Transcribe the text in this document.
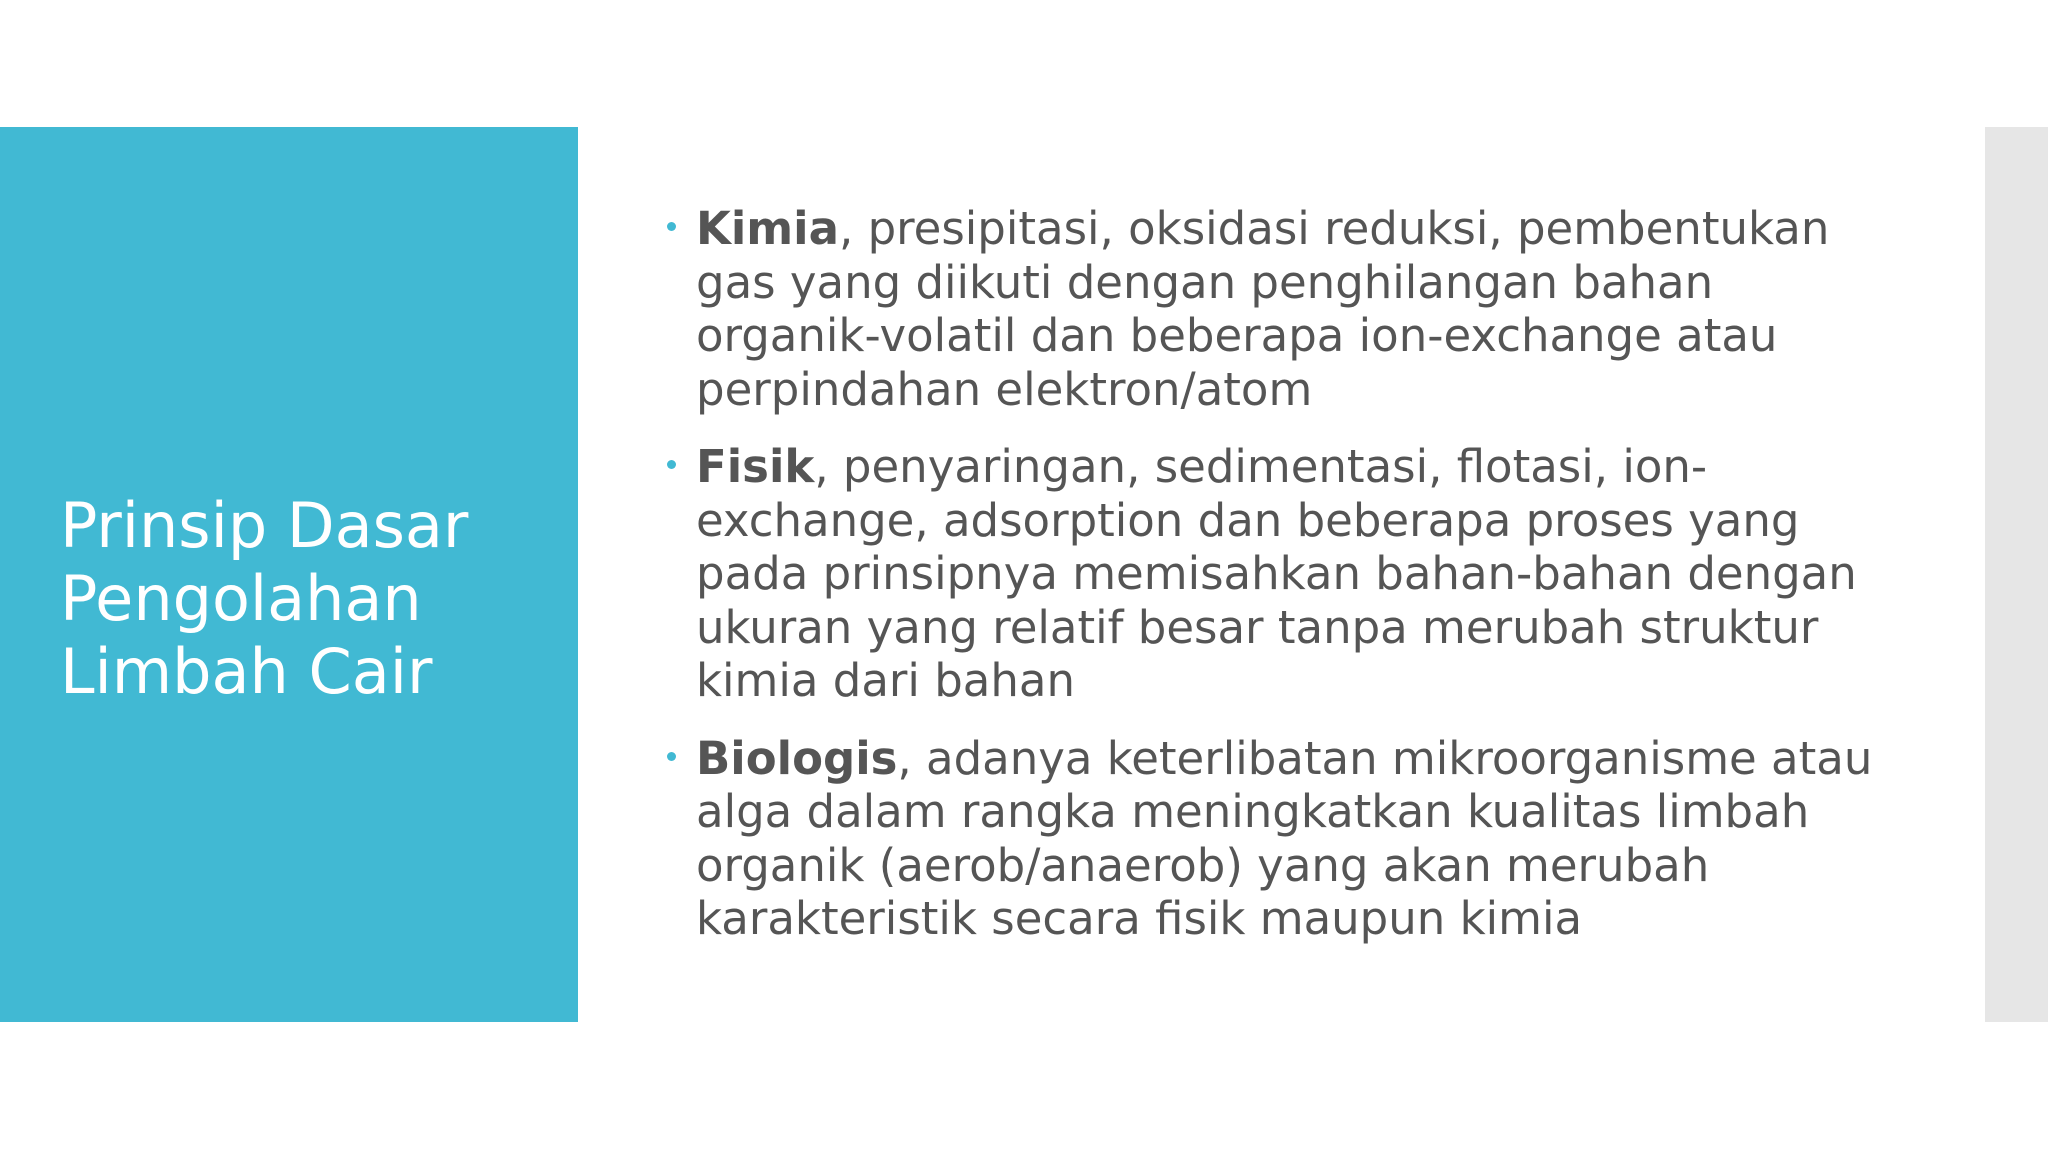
Prinsip Dasar
Pengolahan
Limbah Cair
Kimia, presipitasi, oksidasi reduksi, pembentukan gas yang diikuti dengan penghilangan bahan organik-volatil dan beberapa ion-exchange atau perpindahan elektron/atom
Fisik, penyaringan, sedimentasi, flotasi, ion-exchange, adsorption dan beberapa proses yang pada prinsipnya memisahkan bahan-bahan dengan ukuran yang relatif besar tanpa merubah struktur kimia dari bahan
Biologis, adanya keterlibatan mikroorganisme atau alga dalam rangka meningkatkan kualitas limbah organik (aerob/anaerob) yang akan merubah karakteristik secara fisik maupun kimia
